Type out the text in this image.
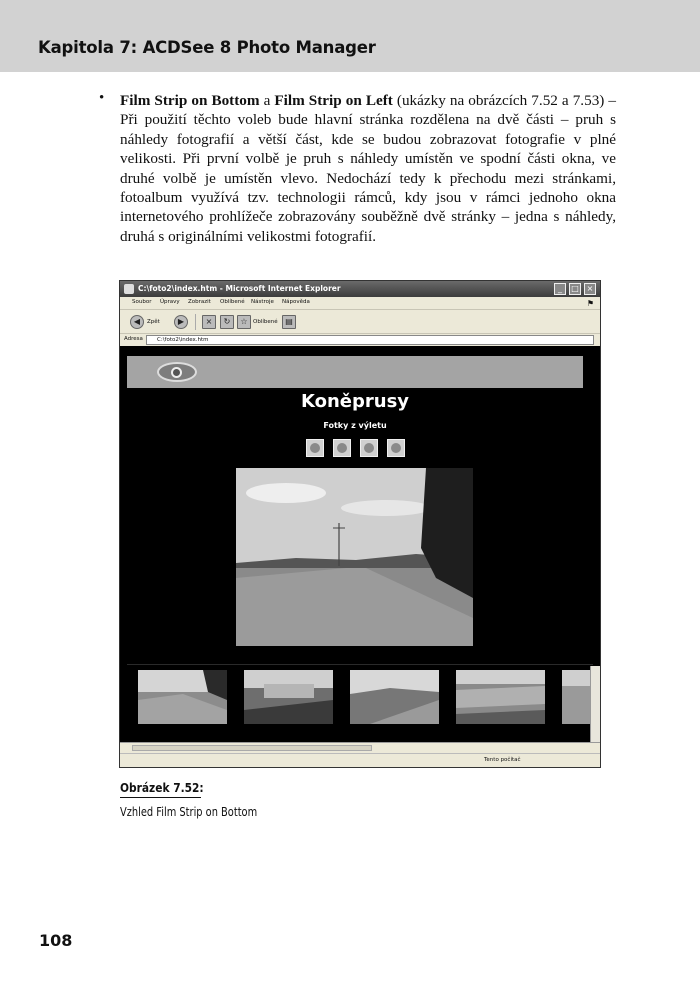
Kapitola 7: ACDSee 8 Photo Manager
• Film Strip on Bottom a Film Strip on Left (ukázky na obrázcích 7.52 a 7.53) – Při použití těchto voleb bude hlavní stránka rozdělena na dvě části – pruh s náhledy fotografií a větší část, kde se budou zobrazovat fotografie v plné velikosti. Při první volbě je pruh s náhledy umístěn ve spodní části okna, ve druhé volbě je umístěn vlevo. Nedochází tedy k přechodu mezi stránkami, fotoalbum využívá tzv. technologii rámců, kdy jsou v rámci jednoho okna internetového prohlížeče zobrazovány souběžně dvě stránky – jedna s náhledy, druhá s originálními velikostmi fotografií.

C:\foto2\index.htm - Microsoft Internet Explorer	_	□ ×
Soubor Úpravy Zobrazit Oblíbené Nástroje Nápověda	⚑
◀	Zpět	▶	×	↻	☆ Oblíbené ▤
Adresa	C:\foto2\index.htm
Koněprusy
Fotky z výletu
Tento počítač
Obrázek 7.52:
Vzhled Film Strip on Bottom
108
